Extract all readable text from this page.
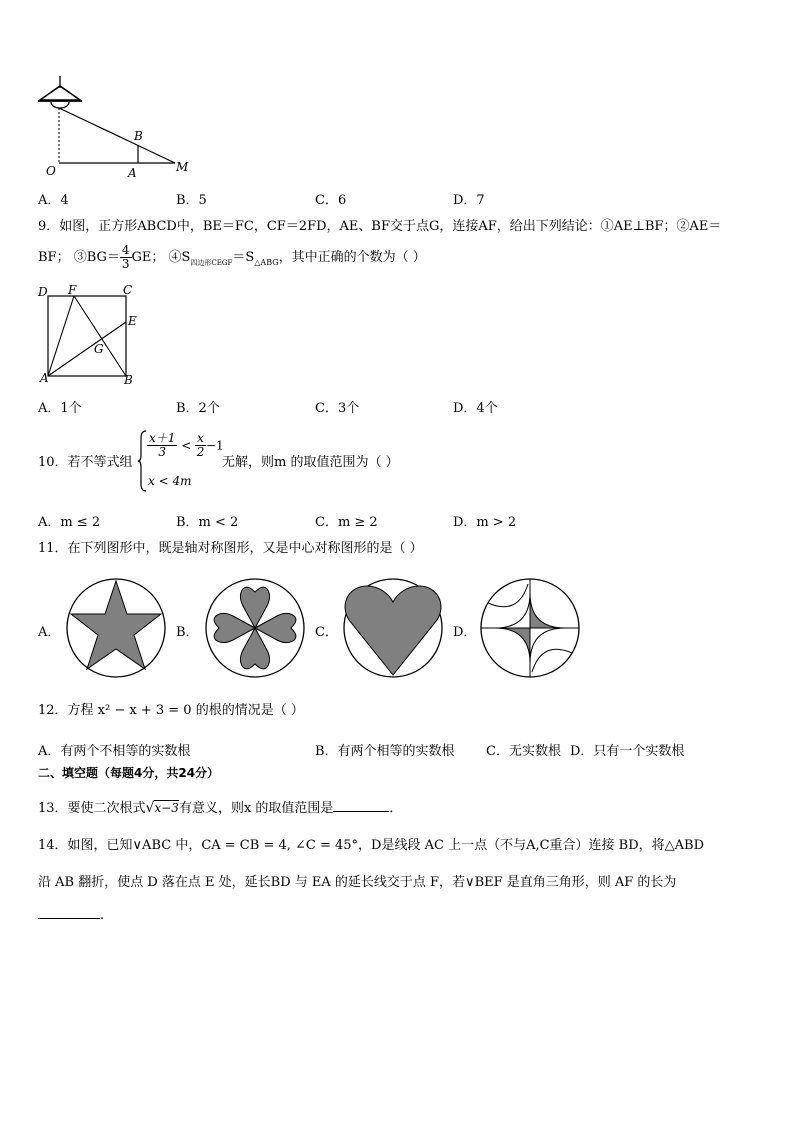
B
O	A	M
A．4	B．5	C．6	D．7
9．如图，正方形ABCD中，BE＝FC，CF＝2FD，AE、BF交于点G，连接AF，给出下列结论：①AE⊥BF；②AE＝
BF； ③BG＝ $\frac{4}{3}$ GE； $④S_{四边形CEGF}=S_{\triangle ABG}$，其中正确的个数为（ ）
D F	C
E
G
A	B
A．1个	B．2个	C．3个	D．4个
10．若不等式组
$\frac{x+1}{3} < \frac{x}{2} -1$
x < 4m
无解，则m 的取值范围为（ ）
A．m ≤ 2	B．m < 2	C．m ≥ 2	D．m > 2
11．在下列图形中，既是轴对称图形，又是中心对称图形的是（ ）
A．	B．	C．	D．
12．方程 x² − x + 3 = 0 的根的情况是（ ）
A．有两个不相等的实数根	B．有两个相等的实数根 C．无实数根 D．只有一个实数根
二、填空题（每题4分，共24分）
13．要使二次根式√x−3有意义，则x 的取值范围是	．
14．如图，已知∨ABC 中，CA = CB = 4, ∠C = 45°，D是线段 AC 上一点（不与A,C重合）连接 BD，将△ABD
沿 AB 翻折，使点 D 落在点 E 处，延长BD 与 EA 的延长线交于点 F，若∨BEF 是直角三角形，则 AF 的长为
.
